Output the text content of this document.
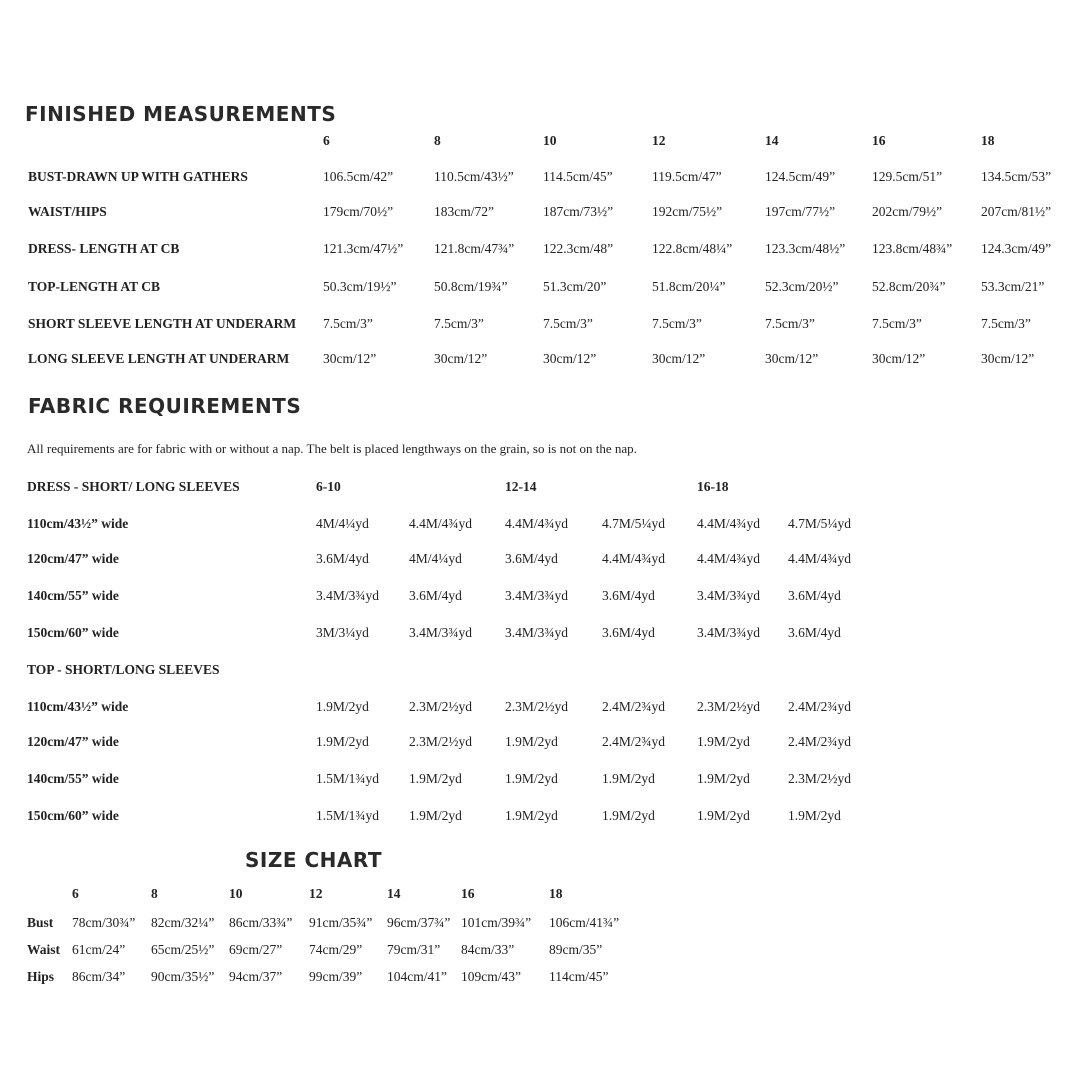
FINISHED MEASUREMENTS
6	8	10	12	14	16	18
BUST-DRAWN UP WITH GATHERS	106.5cm/42”	110.5cm/43½” 114.5cm/45”	119.5cm/47”	124.5cm/49”	129.5cm/51”	134.5cm/53”
WAIST/HIPS	179cm/70½”	183cm/72”	187cm/73½”	192cm/75½”	197cm/77½”	202cm/79½”	207cm/81½”
DRESS- LENGTH AT CB	121.3cm/47½” 121.8cm/47¾” 122.3cm/48”	122.8cm/48¼” 123.3cm/48½” 123.8cm/48¾” 124.3cm/49”
TOP-LENGTH AT CB	50.3cm/19½”	50.8cm/19¾”	51.3cm/20”	51.8cm/20¼”	52.3cm/20½” 52.8cm/20¾”	53.3cm/21”
SHORT SLEEVE LENGTH AT UNDERARM 7.5cm/3”	7.5cm/3”	7.5cm/3”	7.5cm/3”	7.5cm/3”	7.5cm/3”	7.5cm/3”
LONG SLEEVE LENGTH AT UNDERARM 30cm/12”	30cm/12”	30cm/12”	30cm/12”	30cm/12”	30cm/12”	30cm/12”
FABRIC REQUIREMENTS
All requirements are for fabric with or without a nap. The belt is placed lengthways on the grain, so is not on the nap.
DRESS - SHORT/ LONG SLEEVES	6-10	12-14	16-18
110cm/43½” wide	4M/4¼yd	4.4M/4¾yd 4.4M/4¾yd	4.7M/5¼yd 4.4M/4¾yd 4.7M/5¼yd
120cm/47” wide	3.6M/4yd	4M/4¼yd	3.6M/4yd	4.4M/4¾yd 4.4M/4¾yd 4.4M/4¾yd
140cm/55” wide	3.4M/3¾yd 3.6M/4yd	3.4M/3¾yd	3.6M/4yd	3.4M/3¾yd 3.6M/4yd
150cm/60” wide	3M/3¼yd	3.4M/3¾yd 3.4M/3¾yd	3.6M/4yd	3.4M/3¾yd 3.6M/4yd
TOP - SHORT/LONG SLEEVES
110cm/43½” wide	1.9M/2yd	2.3M/2½yd 2.3M/2½yd	2.4M/2¾yd 2.3M/2½yd 2.4M/2¾yd
120cm/47” wide	1.9M/2yd	2.3M/2½yd 1.9M/2yd	2.4M/2¾yd 1.9M/2yd	2.4M/2¾yd
140cm/55” wide	1.5M/1¾yd 1.9M/2yd	1.9M/2yd	1.9M/2yd	1.9M/2yd	2.3M/2½yd
150cm/60” wide	1.5M/1¾yd 1.9M/2yd	1.9M/2yd	1.9M/2yd	1.9M/2yd	1.9M/2yd
SIZE CHART
6	8	10	12	14	16	18
Bust 78cm/30¾” 82cm/32¼” 86cm/33¾” 91cm/35¾” 96cm/37¾” 101cm/39¾” 106cm/41¾”
Waist 61cm/24” 65cm/25½” 69cm/27” 74cm/29” 79cm/31” 84cm/33”	89cm/35”
Hips 86cm/34” 90cm/35½” 94cm/37” 99cm/39” 104cm/41” 109cm/43” 114cm/45”
